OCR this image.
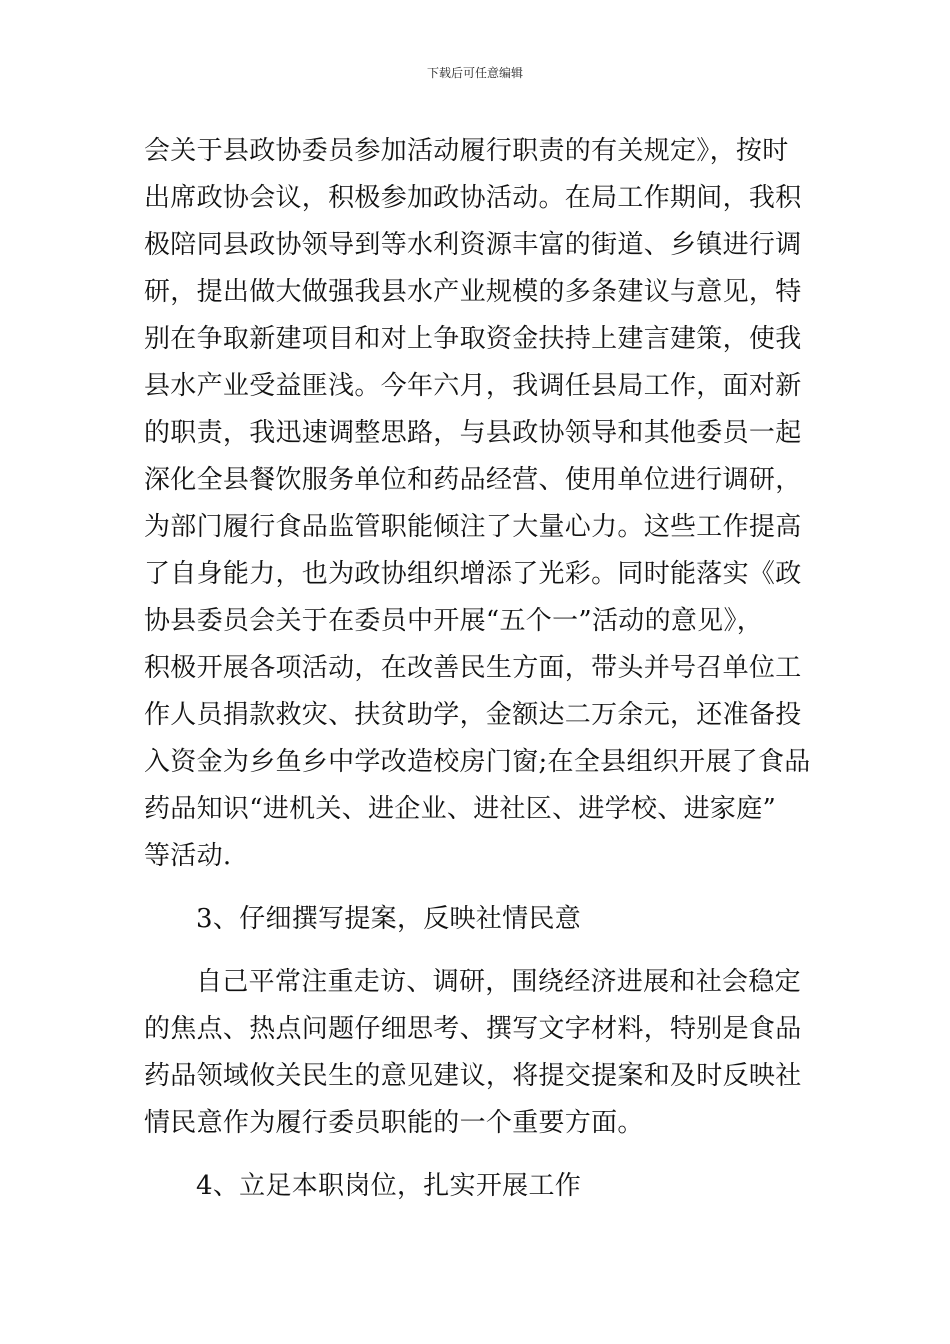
下载后可任意编辑
会关于县政协委员参加活动履行职责的有关规定》，按时
出席政协会议，积极参加政协活动。在局工作期间，我积
极陪同县政协领导到等水利资源丰富的街道、乡镇进行调
研，提出做大做强我县水产业规模的多条建议与意见，特
别在争取新建项目和对上争取资金扶持上建言建策，使我
县水产业受益匪浅。今年六月，我调任县局工作，面对新
的职责，我迅速调整思路，与县政协领导和其他委员一起
深化全县餐饮服务单位和药品经营、使用单位进行调研，
为部门履行食品监管职能倾注了大量心力。这些工作提高
了自身能力，也为政协组织增添了光彩。同时能落实《政
协县委员会关于在委员中开展“五个一”活动的意见》，
积极开展各项活动，在改善民生方面，带头并号召单位工
作人员捐款救灾、扶贫助学，金额达二万余元，还准备投
入资金为乡鱼乡中学改造校房门窗;在全县组织开展了食品
药品知识“进机关、进企业、进社区、进学校、进家庭”
等活动.
3、仔细撰写提案，反映社情民意
自己平常注重走访、调研，围绕经济进展和社会稳定
的焦点、热点问题仔细思考、撰写文字材料，特别是食品
药品领域攸关民生的意见建议，将提交提案和及时反映社
情民意作为履行委员职能的一个重要方面。
4、立足本职岗位，扎实开展工作
